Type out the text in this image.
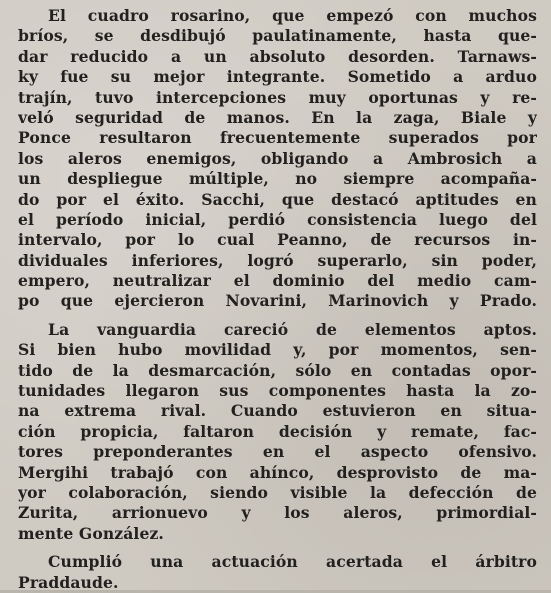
El cuadro rosarino, que empezó con muchos
bríos, se desdibujó paulatinamente, hasta que-
dar reducido a un absoluto desorden. Tarnaws-
ky fue su mejor integrante. Sometido a arduo
trajín, tuvo intercepciones muy oportunas y re-
veló seguridad de manos. En la zaga, Biale y
Ponce resultaron frecuentemente superados por
los aleros enemigos, obligando a Ambrosich a
un despliegue múltiple, no siempre acompaña-
do por el éxito. Sacchi, que destacó aptitudes en
el período inicial, perdió consistencia luego del
intervalo, por lo cual Peanno, de recursos in-
dividuales inferiores, logró superarlo, sin poder,
empero, neutralizar el dominio del medio cam-
po que ejercieron Novarini, Marinovich y Prado.
La vanguardia careció de elementos aptos.
Si bien hubo movilidad y, por momentos, sen-
tido de la desmarcación, sólo en contadas opor-
tunidades llegaron sus componentes hasta la zo-
na extrema rival. Cuando estuvieron en situa-
ción propicia, faltaron decisión y remate, fac-
tores preponderantes en el aspecto ofensivo.
Mergihi trabajó con ahínco, desprovisto de ma-
yor colaboración, siendo visible la defección de
Zurita, arrionuevo y los aleros, primordial-
mente González.
Cumplió una actuación acertada el árbitro
Praddaude.
